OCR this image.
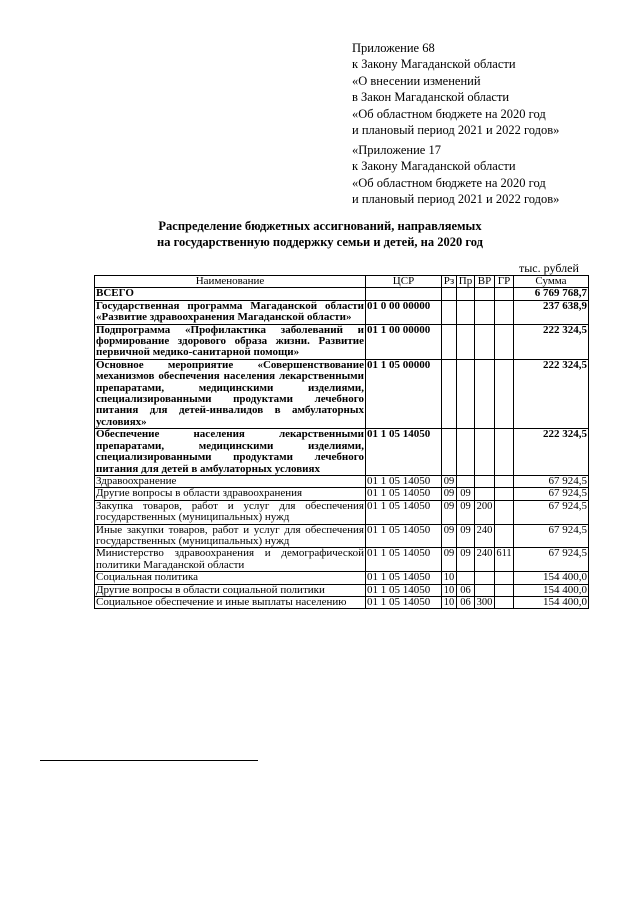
Приложение 68
к Закону Магаданской области
«О внесении изменений
в Закон Магаданской области
«Об областном бюджете на 2020 год
и плановый период 2021 и 2022 годов»
«Приложение 17
к Закону Магаданской области
«Об областном бюджете на 2020 год
и плановый период 2021 и 2022 годов»
Распределение бюджетных ассигнований, направляемых
на государственную поддержку семьи и детей, на 2020 год
тыс. рублей
Наименование	ЦСР	Рз	Пр	ВР	ГР	Сумма
ВСЕГО						6 769 768,7
Государственная программа Магаданской области «Развитие здравоохранения Магаданской области»	01 0 00 00000					237 638,9
Подпрограмма «Профилактика заболеваний и формирование здорового образа жизни. Развитие первичной медико-санитарной помощи»	01 1 00 00000					222 324,5
Основное мероприятие «Совершенствование механизмов обеспечения населения лекарственными препаратами, медицинскими изделиями, специализированными продуктами лечебного питания для детей-инвалидов в амбулаторных условиях»	01 1 05 00000					222 324,5
Обеспечение населения лекарственными препаратами, медицинскими изделиями, специализированными продуктами лечебного питания для детей в амбулаторных условиях	01 1 05 14050					222 324,5
Здравоохранение	01 1 05 14050	09				67 924,5
Другие вопросы в области здравоохранения	01 1 05 14050	09	09			67 924,5
Закупка товаров, работ и услуг для обеспечения государственных (муниципальных) нужд	01 1 05 14050	09	09	200		67 924,5
Иные закупки товаров, работ и услуг для обеспечения государственных (муниципальных) нужд	01 1 05 14050	09	09	240		67 924,5
Министерство здравоохранения и демографической политики Магаданской области	01 1 05 14050	09	09	240	611	67 924,5
Социальная политика	01 1 05 14050	10				154 400,0
Другие вопросы в области социальной политики	01 1 05 14050	10	06			154 400,0
Социальное обеспечение и иные выплаты населению	01 1 05 14050	10	06	300		154 400,0
